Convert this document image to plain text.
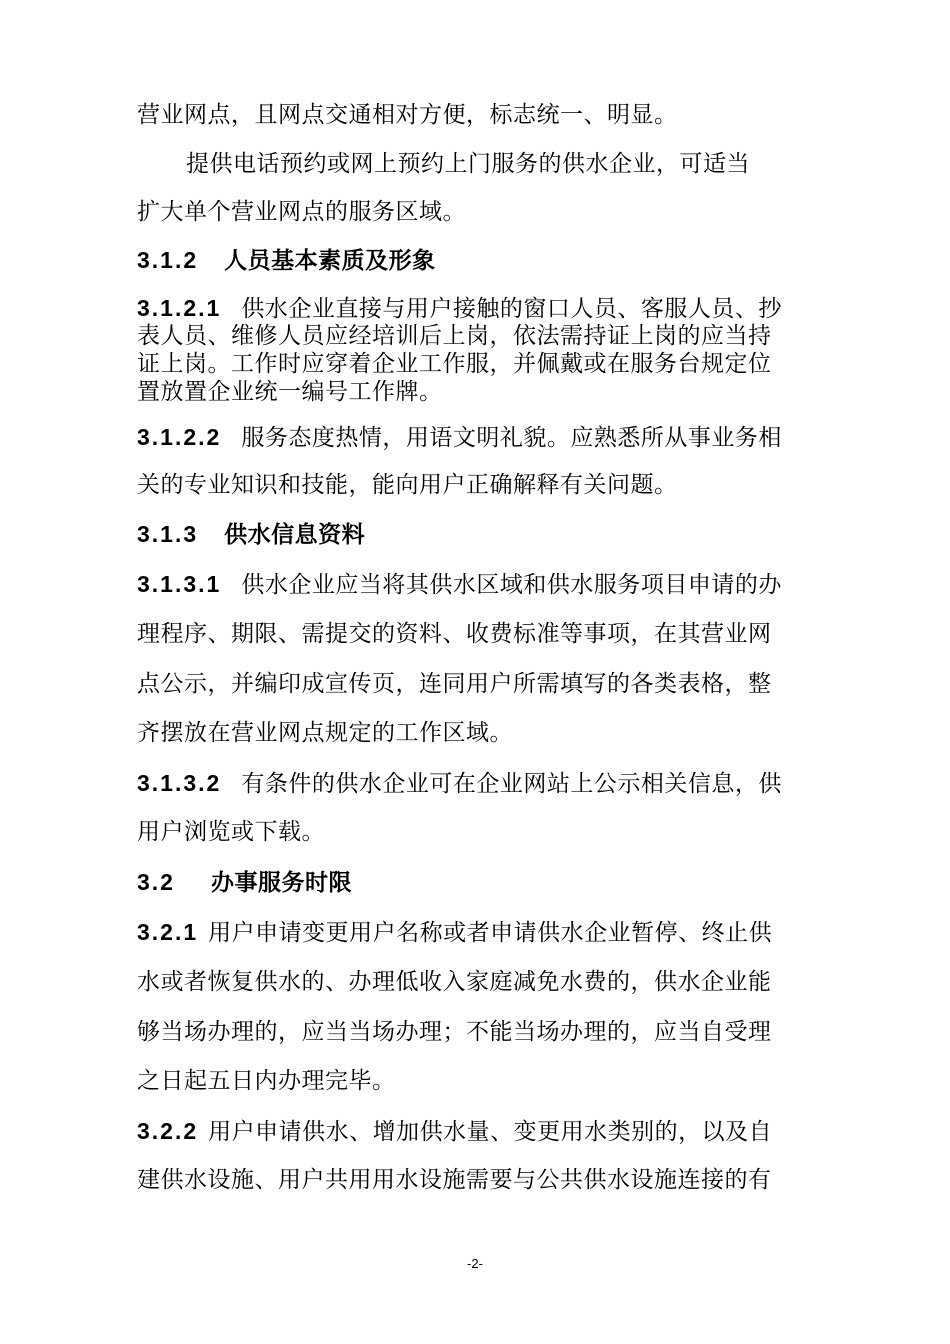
营业网点，且网点交通相对方便，标志统一、明显。
提供电话预约或网上预约上门服务的供水企业，可适当
扩大单个营业网点的服务区域。
3.1.2 人员基本素质及形象
3.1.2.1 供水企业直接与用户接触的窗口人员、客服人员、抄
表人员、维修人员应经培训后上岗，依法需持证上岗的应当持
证上岗。工作时应穿着企业工作服，并佩戴或在服务台规定位
置放置企业统一编号工作牌。
3.1.2.2 服务态度热情，用语文明礼貌。应熟悉所从事业务相
关的专业知识和技能，能向用户正确解释有关问题。
3.1.3 供水信息资料
3.1.3.1 供水企业应当将其供水区域和供水服务项目申请的办
理程序、期限、需提交的资料、收费标准等事项，在其营业网
点公示，并编印成宣传页，连同用户所需填写的各类表格，整
齐摆放在营业网点规定的工作区域。
3.1.3.2 有条件的供水企业可在企业网站上公示相关信息，供
用户浏览或下载。
3.2 办事服务时限
3.2.1 用户申请变更用户名称或者申请供水企业暂停、终止供
水或者恢复供水的、办理低收入家庭减免水费的，供水企业能
够当场办理的，应当当场办理；不能当场办理的，应当自受理
之日起五日内办理完毕。
3.2.2 用户申请供水、增加供水量、变更用水类别的，以及自
建供水设施、用户共用用水设施需要与公共供水设施连接的有
-2-
